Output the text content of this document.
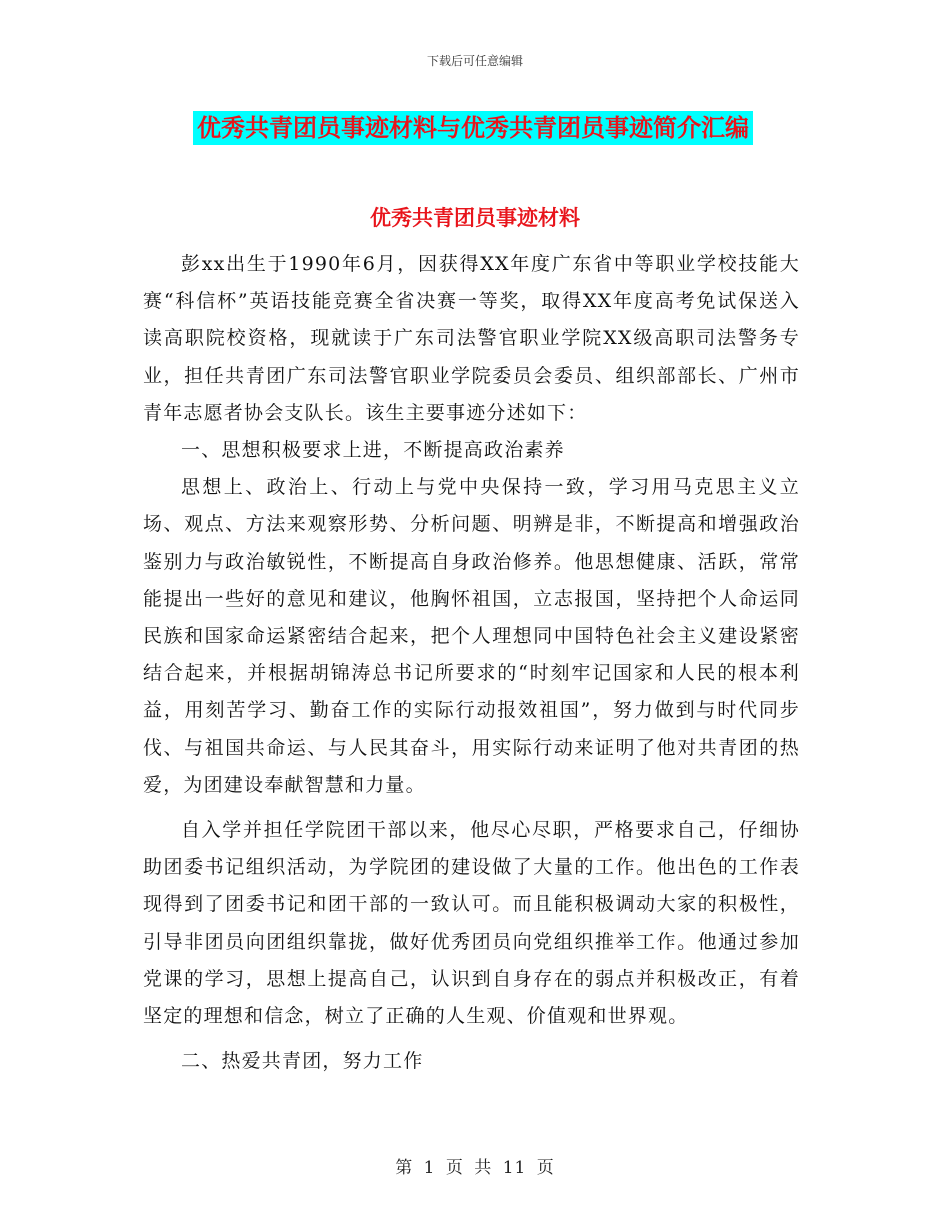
下载后可任意编辑
优秀共青团员事迹材料与优秀共青团员事迹简介汇编
优秀共青团员事迹材料

彭xx出生于1990年6月，因获得XX年度广东省中等职业学校技能大赛“科信杯”英语技能竞赛全省决赛一等奖，取得XX年度高考免试保送入读高职院校资格，现就读于广东司法警官职业学院XX级高职司法警务专业，担任共青团广东司法警官职业学院委员会委员、组织部部长、广州市青年志愿者协会支队长。该生主要事迹分述如下：

一、思想积极要求上进，不断提高政治素养

思想上、政治上、行动上与党中央保持一致，学习用马克思主义立场、观点、方法来观察形势、分析问题、明辨是非，不断提高和增强政治鉴别力与政治敏锐性，不断提高自身政治修养。他思想健康、活跃，常常能提出一些好的意见和建议，他胸怀祖国，立志报国，坚持把个人命运同民族和国家命运紧密结合起来，把个人理想同中国特色社会主义建设紧密结合起来，并根据胡锦涛总书记所要求的“时刻牢记国家和人民的根本利益，用刻苦学习、勤奋工作的实际行动报效祖国”，努力做到与时代同步伐、与祖国共命运、与人民其奋斗，用实际行动来证明了他对共青团的热爱，为团建设奉献智慧和力量。

自入学并担任学院团干部以来，他尽心尽职，严格要求自己，仔细协助团委书记组织活动，为学院团的建设做了大量的工作。他出色的工作表现得到了团委书记和团干部的一致认可。而且能积极调动大家的积极性，引导非团员向团组织靠拢，做好优秀团员向党组织推举工作。他通过参加党课的学习，思想上提高自己，认识到自身存在的弱点并积极改正，有着坚定的理想和信念，树立了正确的人生观、价值观和世界观。

二、热爱共青团，努力工作

第 1 页 共 11 页
